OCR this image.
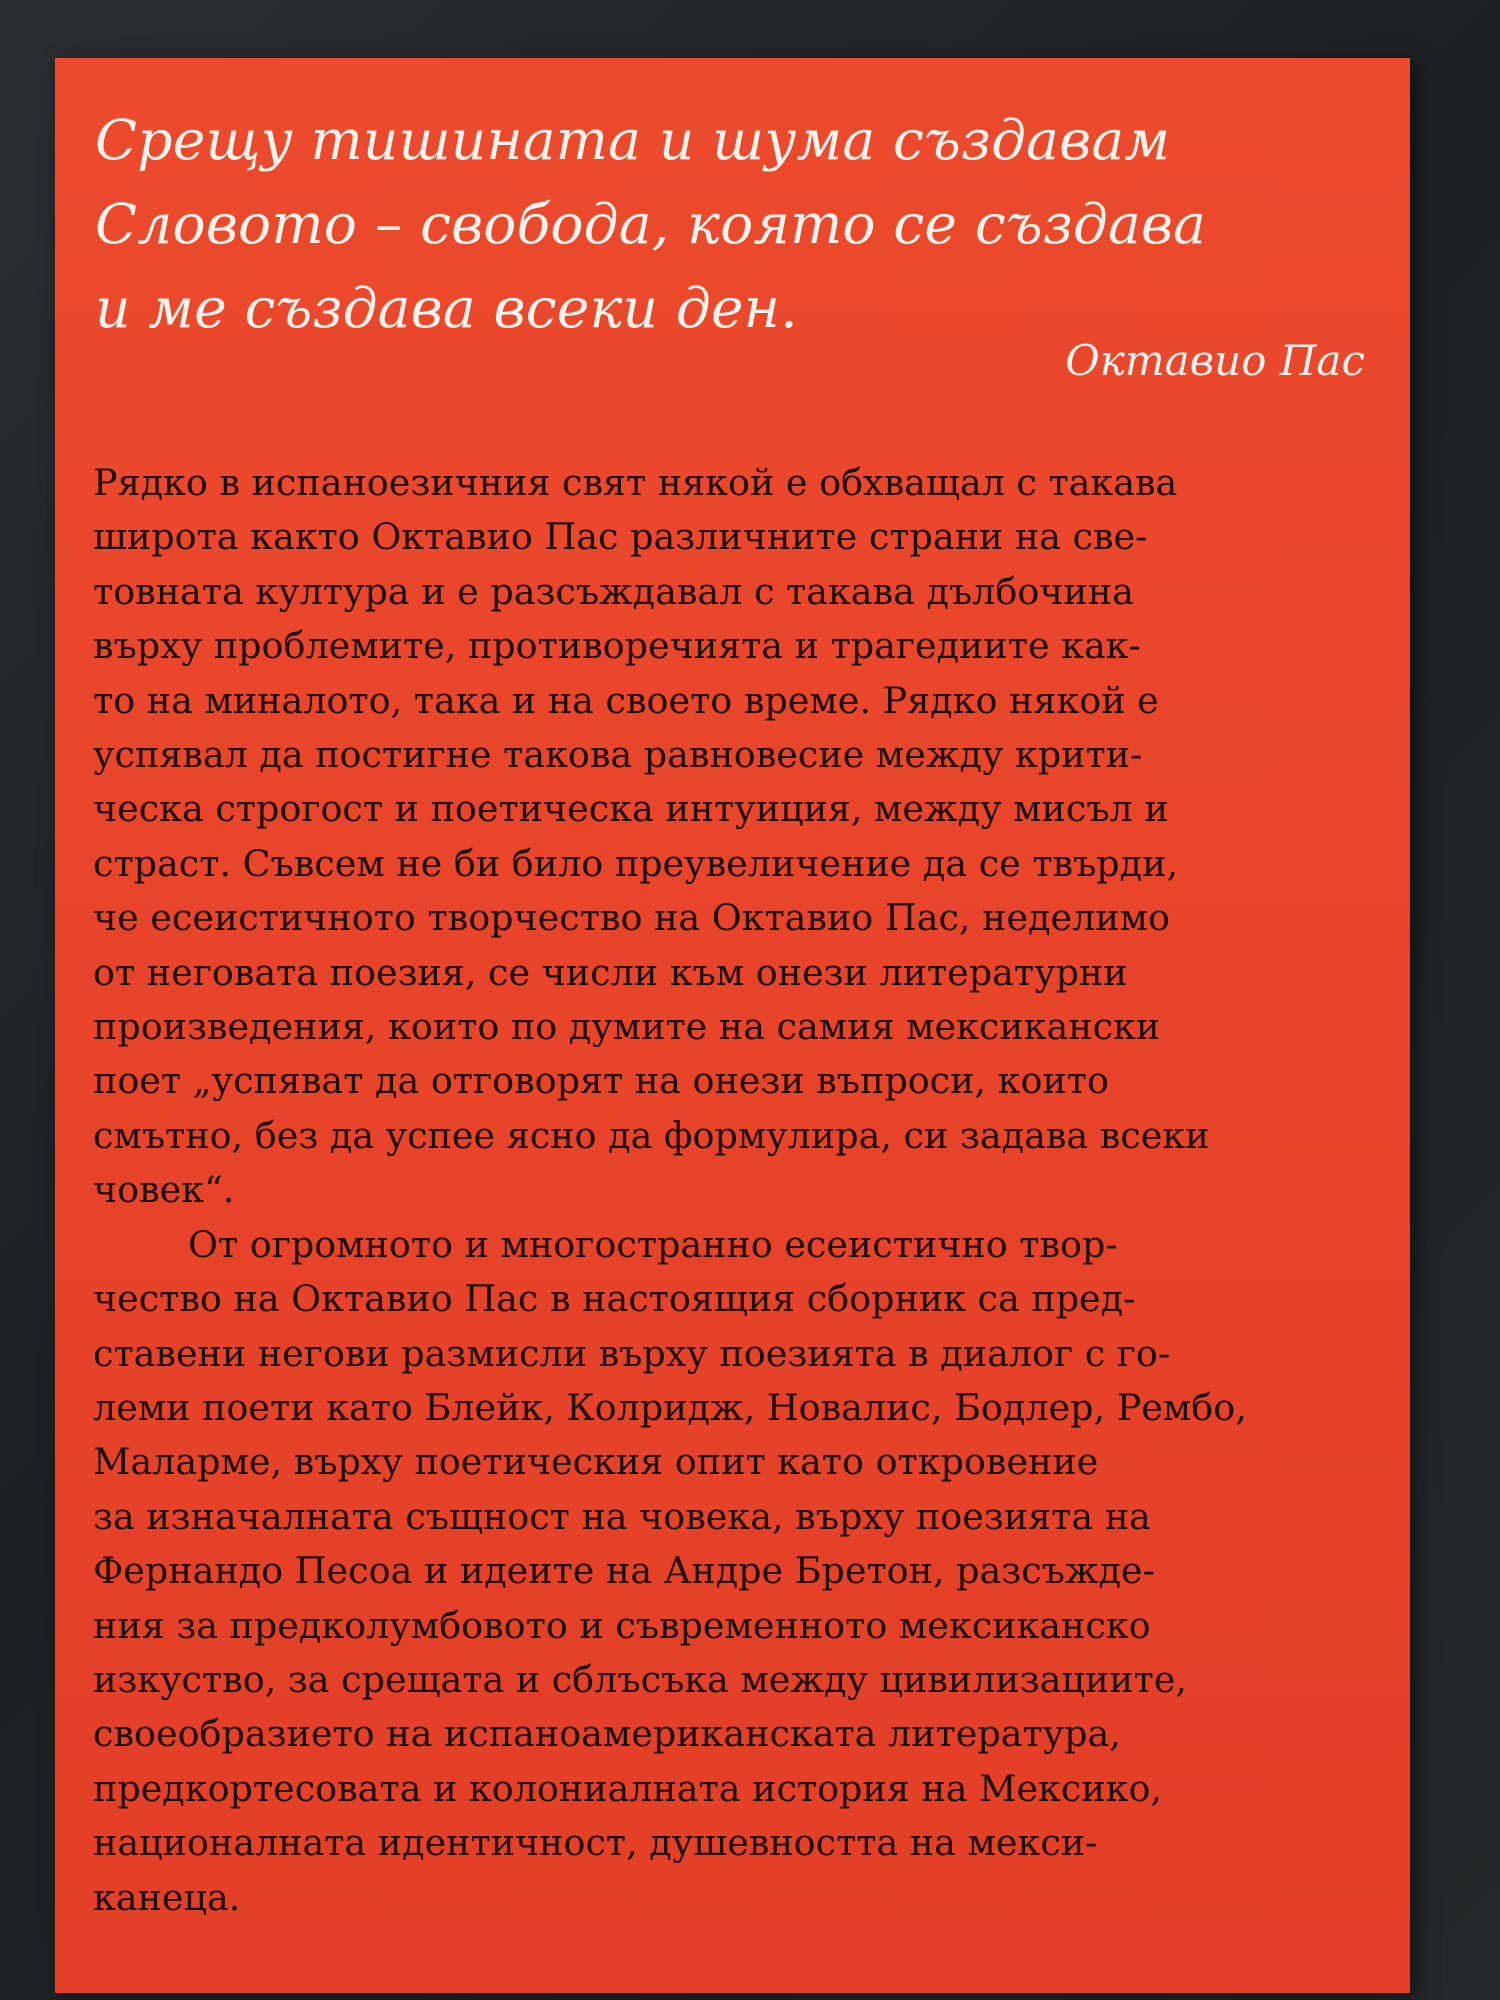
Срещу тишината и шума създавам
Словото – свобода, която се създава
и ме създава всеки ден.
Октавио Пас
Рядко в испаноезичния свят някой е обхващал с такава
широта както Октавио Пас различните страни на све-
товната култура и е разсъждавал с такава дълбочина
върху проблемите, противоречията и трагедиите как-
то на миналото, така и на своето време. Рядко някой е
успявал да постигне такова равновесие между крити-
ческа строгост и поетическа интуиция, между мисъл и
страст. Съвсем не би било преувеличение да се твърди,
че есеистичното творчество на Октавио Пас, неделимо
от неговата поезия, се числи към онези литературни
произведения, които по думите на самия мексикански
поет „успяват да отговорят на онези въпроси, които
смътно, без да успее ясно да формулира, си задава всеки
човек“.
От огромното и многостранно есеистично твор-
чество на Октавио Пас в настоящия сборник са пред-
ставени негови размисли върху поезията в диалог с го-
леми поети като Блейк, Колридж, Новалис, Бодлер, Рембо,
Маларме, върху поетическия опит като откровение
за изначалната същност на човека, върху поезията на
Фернандо Песоа и идеите на Андре Бретон, разсъжде-
ния за предколумбовото и съвременното мексиканско
изкуство, за срещата и сблъсъка между цивилизациите,
своеобразието на испаноамериканската литература,
предкортесовата и колониалната история на Мексико,
националната идентичност, душевността на мекси-
канеца.
